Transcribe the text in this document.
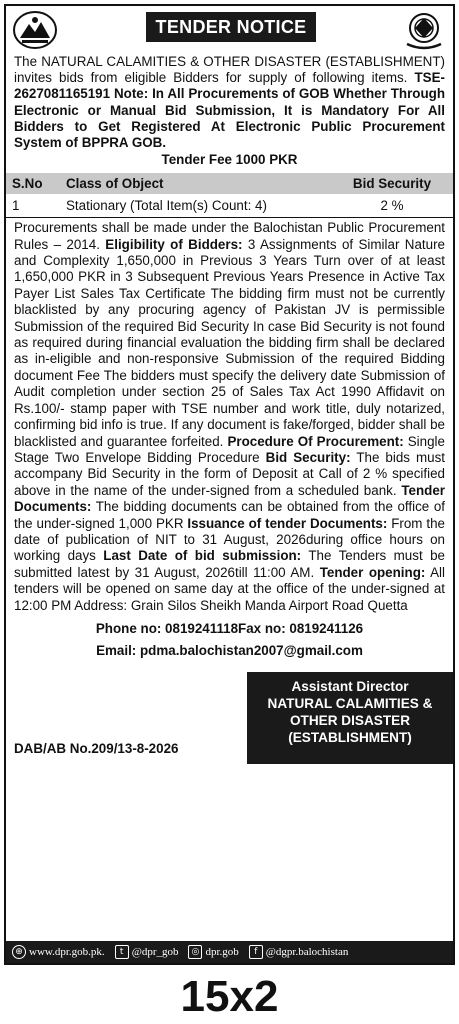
TENDER NOTICE
The NATURAL CALAMITIES & OTHER DISASTER (ESTABLISHMENT) invites bids from eligible Bidders for supply of following items. TSE-2627081165191 Note: In All Procurements of GOB Whether Through Electronic or Manual Bid Submission, It is Mandatory For All Bidders to Get Registered At Electronic Public Procurement System of BPPRA GOB.
Tender Fee 1000 PKR
S.No	Class of Object	Bid Security
1	Stationary (Total Item(s) Count: 4)	2 %
Procurements shall be made under the Balochistan Public Procurement Rules – 2014. Eligibility of Bidders: 3 Assignments of Similar Nature and Complexity 1,650,000 in Previous 3 Years Turn over of at least 1,650,000 PKR in 3 Subsequent Previous Years Presence in Active Tax Payer List Sales Tax Certificate The bidding firm must not be currently blacklisted by any procuring agency of Pakistan JV is permissible Submission of the required Bid Security In case Bid Security is not found as required during financial evaluation the bidding firm shall be declared as in-eligible and non-responsive Submission of the required Bidding document Fee The bidders must specify the delivery date Submission of Audit completion under section 25 of Sales Tax Act 1990 Affidavit on Rs.100/- stamp paper with TSE number and work title, duly notarized, confirming bid info is true. If any document is fake/forged, bidder shall be blacklisted and guarantee forfeited. Procedure Of Procurement: Single Stage Two Envelope Bidding Procedure Bid Security: The bids must accompany Bid Security in the form of Deposit at Call of 2 % specified above in the name of the under-signed from a scheduled bank. Tender Documents: The bidding documents can be obtained from the office of the under-signed 1,000 PKR Issuance of tender Documents: From the date of publication of NIT to 31 August, 2026during office hours on working days Last Date of bid submission: The Tenders must be submitted latest by 31 August, 2026till 11:00 AM. Tender opening: All tenders will be opened on same day at the office of the under-signed at 12:00 PM Address: Grain Silos Sheikh Manda Airport Road Quetta
Phone no: 0819241118Fax no: 0819241126
Email: pdma.balochistan2007@gmail.com
DAB/AB No.209/13-8-2026
Assistant Director
NATURAL CALAMITIES &
OTHER DISASTER
(ESTABLISHMENT)
⊕ www.dpr.gob.pk.	t @dpr_gob	◎ dpr.gob	f @dgpr.balochistan
15x2
